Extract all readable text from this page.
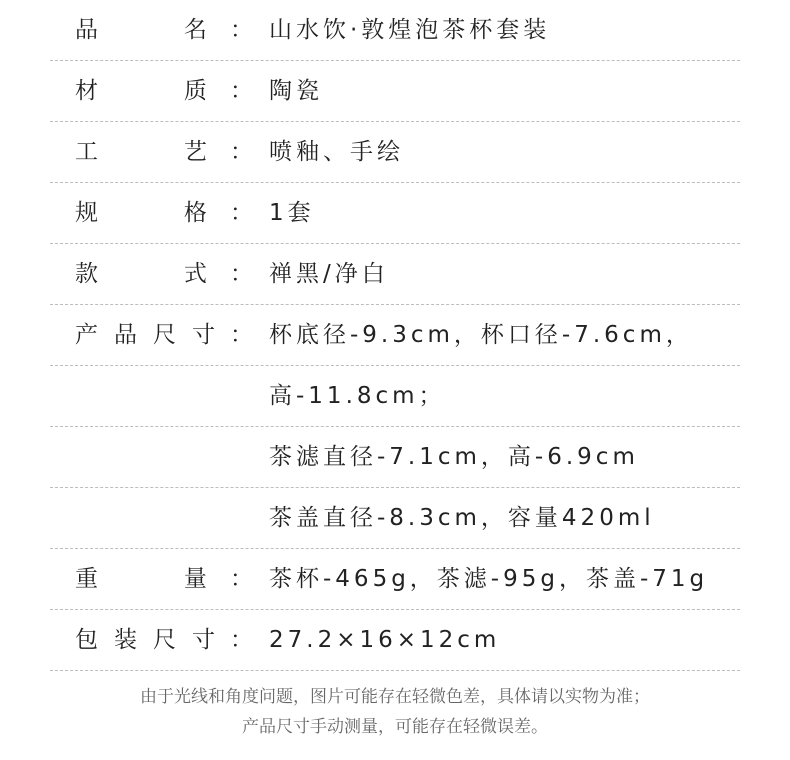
品   名 ： 山水饮·敦煌泡茶杯套装
材   质 ： 陶瓷
工   艺 ： 喷釉、手绘
规   格 ： 1套
款   式 ： 禅黑/净白
产品尺寸 ： 杯底径-9.3cm，杯口径-7.6cm，
高-11.8cm；
茶滤直径-7.1cm，高-6.9cm
茶盖直径-8.3cm，容量420ml
重   量 ： 茶杯-465g，茶滤-95g，茶盖-71g
包装尺寸 ： 27.2×16×12cm
由于光线和角度问题，图片可能存在轻微色差，具体请以实物为准；
产品尺寸手动测量，可能存在轻微误差。
